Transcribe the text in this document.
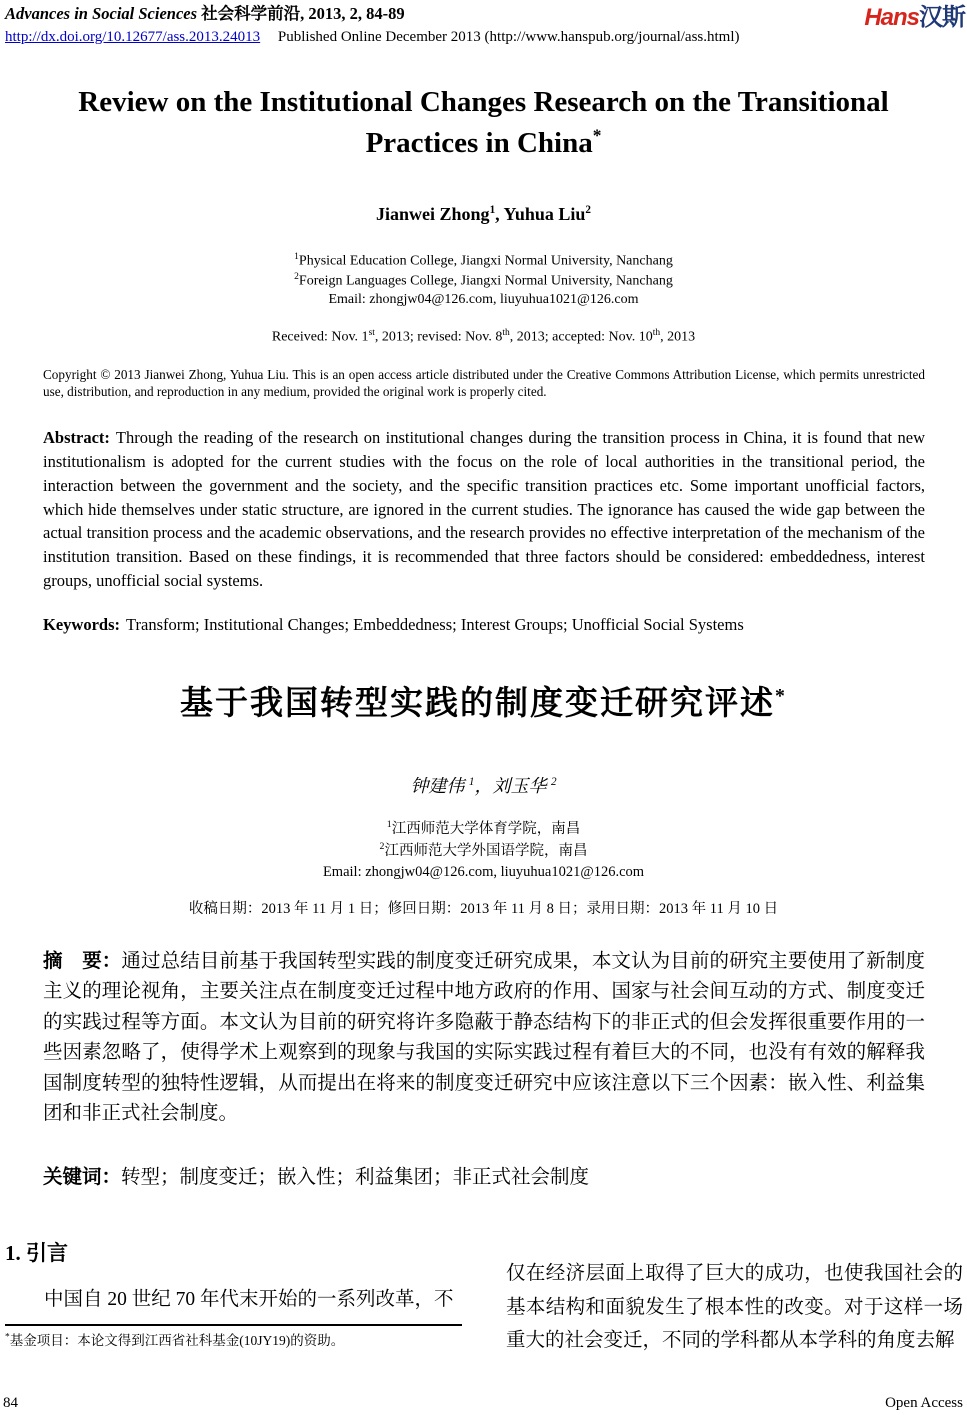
Advances in Social Sciences 社会科学前沿, 2013, 2, 84-89
http://dx.doi.org/10.12677/ass.2013.24013 Published Online December 2013 (http://www.hanspub.org/journal/ass.html)
Hans汉斯
Review on the Institutional Changes Research on the Transitional Practices in China*
Jianwei Zhong$^1$, Yuhua Liu$^2$
$^1$Physical Education College, Jiangxi Normal University, Nanchang
$^2$Foreign Languages College, Jiangxi Normal University, Nanchang
Email: zhongjw04@126.com, liuyuhua1021@126.com
Received: Nov. 1st, 2013; revised: Nov. 8th, 2013; accepted: Nov. 10th, 2013
Copyright © 2013 Jianwei Zhong, Yuhua Liu. This is an open access article distributed under the Creative Commons Attribution License, which permits unrestricted use, distribution, and reproduction in any medium, provided the original work is properly cited.
Abstract: Through the reading of the research on institutional changes during the transition process in China, it is found that new institutionalism is adopted for the current studies with the focus on the role of local authorities in the transitional period, the interaction between the government and the society, and the specific transition practices etc. Some important unofficial factors, which hide themselves under static structure, are ignored in the current studies. The ignorance has caused the wide gap between the actual transition process and the academic observations, and the research provides no effective interpretation of the mechanism of the institution transition. Based on these findings, it is recommended that three factors should be considered: embeddedness, interest groups, unofficial social systems.
Keywords: Transform; Institutional Changes; Embeddedness; Interest Groups; Unofficial Social Systems
基于我国转型实践的制度变迁研究评述*
钟建伟 $^1$，刘玉华 $^2$
$^1$江西师范大学体育学院，南昌
$^2$江西师范大学外国语学院，南昌
Email: zhongjw04@126.com, liuyuhua1021@126.com
收稿日期：2013 年 11 月 1 日；修回日期：2013 年 11 月 8 日；录用日期：2013 年 11 月 10 日
摘　要：通过总结目前基于我国转型实践的制度变迁研究成果，本文认为目前的研究主要使用了新制度主义的理论视角，主要关注点在制度变迁过程中地方政府的作用、国家与社会间互动的方式、制度变迁的实践过程等方面。本文认为目前的研究将许多隐蔽于静态结构下的非正式的但会发挥很重要作用的一些因素忽略了，使得学术上观察到的现象与我国的实际实践过程有着巨大的不同，也没有有效的解释我国制度转型的独特性逻辑，从而提出在将来的制度变迁研究中应该注意以下三个因素：嵌入性、利益集团和非正式社会制度。
关键词：转型；制度变迁；嵌入性；利益集团；非正式社会制度
1. 引言

中国自 20 世纪 70 年代末开始的一系列改革，不

*基金项目：本论文得到江西省社科基金(10JY19)的资助。
仅在经济层面上取得了巨大的成功，也使我国社会的基本结构和面貌发生了根本性的改变。对于这样一场重大的社会变迁，不同的学科都从本学科的角度去解
84	Open Access
